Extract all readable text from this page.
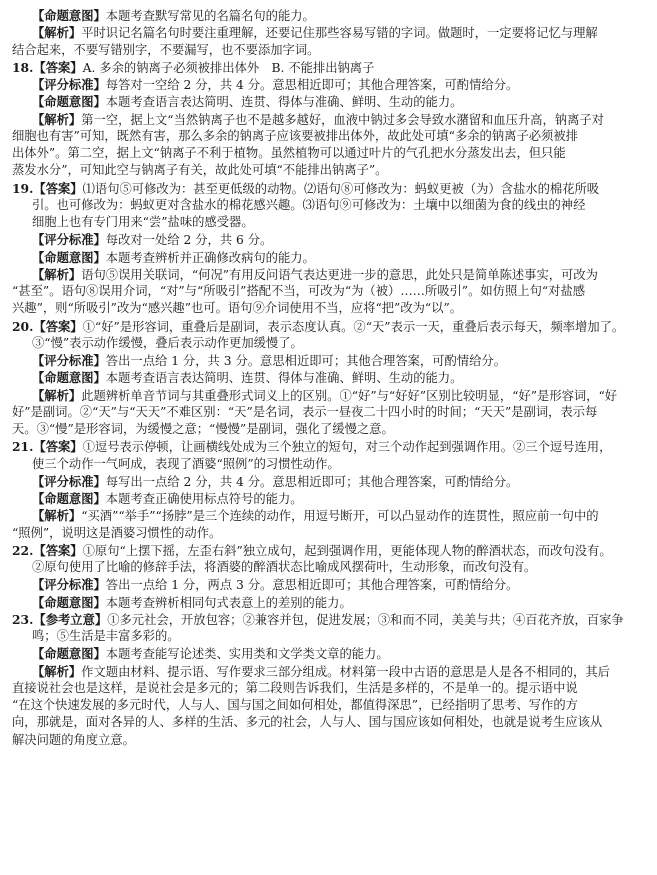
【命题意图】本题考查默写常见的名篇名句的能力。
【解析】平时识记名篇名句时要注重理解，还要记住那些容易写错的字词。做题时，一定要将记忆与理解
结合起来，不要写错别字，不要漏写，也不要添加字词。
18.【答案】A. 多余的钠离子必须被排出体外　B. 不能排出钠离子
【评分标准】每答对一空给 2 分，共 4 分。意思相近即可；其他合理答案，可酌情给分。
【命题意图】本题考查语言表达简明、连贯、得体与准确、鲜明、生动的能力。
【解析】第一空，据上文“当然钠离子也不是越多越好，血液中钠过多会导致水潴留和血压升高，钠离子对
细胞也有害”可知，既然有害，那么多余的钠离子应该要被排出体外，故此处可填“多余的钠离子必须被排
出体外”。第二空，据上文“钠离子不利于植物。虽然植物可以通过叶片的气孔把水分蒸发出去，但只能
蒸发水分”，可知此空与钠离子有关，故此处可填“不能排出钠离子”。
19.【答案】⑴语句⑤可修改为：甚至更低级的动物。⑵语句⑧可修改为：蚂蚁更被（为）含盐水的棉花所吸
引。也可修改为：蚂蚁更对含盐水的棉花感兴趣。⑶语句⑨可修改为：土壤中以细菌为食的线虫的神经
细胞上也有专门用来“尝”盐味的感受器。
【评分标准】每改对一处给 2 分，共 6 分。
【命题意图】本题考查辨析并正确修改病句的能力。
【解析】语句⑤误用关联词，“何况”有用反问语气表达更进一步的意思，此处只是简单陈述事实，可改为
“甚至”。语句⑧误用介词，“对”与“所吸引”搭配不当，可改为“为（被）……所吸引”。如仿照上句“对盐感
兴趣”，则“所吸引”改为“感兴趣”也可。语句⑨介词使用不当，应将“把”改为“以”。
20.【答案】①“好”是形容词，重叠后是副词，表示态度认真。②“天”表示一天，重叠后表示每天，频率增加了。
③“慢”表示动作缓慢，叠后表示动作更加缓慢了。
【评分标准】答出一点给 1 分，共 3 分。意思相近即可；其他合理答案，可酌情给分。
【命题意图】本题考查语言表达简明、连贯、得体与准确、鲜明、生动的能力。
【解析】此题辨析单音节词与其重叠形式词义上的区别。①“好”与“好好”区别比较明显，“好”是形容词，“好
好”是副词。②“天”与“天天”不难区别：“天”是名词，表示一昼夜二十四小时的时间；“天天”是副词，表示每
天。③“慢”是形容词，为缓慢之意；“慢慢”是副词，强化了缓慢之意。
21.【答案】①逗号表示停顿，让画横线处成为三个独立的短句，对三个动作起到强调作用。②三个逗号连用，
使三个动作一气呵成，表现了酒婆“照例”的习惯性动作。
【评分标准】每写出一点给 2 分，共 4 分。意思相近即可；其他合理答案，可酌情给分。
【命题意图】本题考查正确使用标点符号的能力。
【解析】“买酒”“举手”“扬脖”是三个连续的动作，用逗号断开，可以凸显动作的连贯性，照应前一句中的
“照例”，说明这是酒婆习惯性的动作。
22.【答案】①原句“上摆下摇，左歪右斜”独立成句，起到强调作用，更能体现人物的醉酒状态，而改句没有。
②原句使用了比喻的修辞手法，将酒婆的醉酒状态比喻成风摆荷叶，生动形象，而改句没有。
【评分标准】答出一点给 1 分，两点 3 分。意思相近即可；其他合理答案，可酌情给分。
【命题意图】本题考查辨析相同句式表意上的差别的能力。
23.【参考立意】①多元社会，开放包容；②兼容并包，促进发展；③和而不同，美美与共；④百花齐放，百家争
鸣；⑤生活是丰富多彩的。
【命题意图】本题考查能写论述类、实用类和文学类文章的能力。
【解析】作文题由材料、提示语、写作要求三部分组成。材料第一段中古语的意思是人是各不相同的，其后
直接说社会也是这样，是说社会是多元的；第二段则告诉我们，生活是多样的，不是单一的。提示语中说
“在这个快速发展的多元时代，人与人、国与国之间如何相处，都值得深思”，已经指明了思考、写作的方
向，那就是，面对各异的人、多样的生活、多元的社会，人与人、国与国应该如何相处，也就是说考生应该从
解决问题的角度立意。
